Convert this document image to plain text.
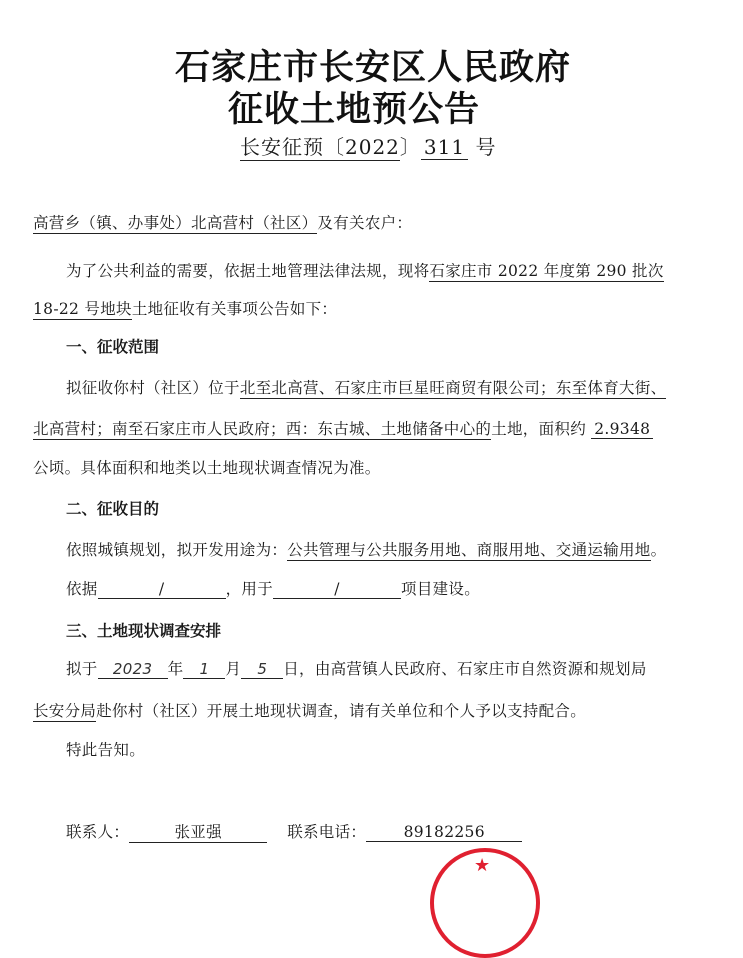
石家庄市长安区人民政府
征收土地预公告
长安征预〔2022〕 311 号
高营乡（镇、办事处）北高营村（社区）及有关农户：
为了公共利益的需要，依据土地管理法律法规，现将石家庄市 2022 年度第 290 批次
18-22 号地块土地征收有关事项公告如下：
一、征收范围
拟征收你村（社区）位于北至北高营、石家庄市巨星旺商贸有限公司；东至体育大街、
北高营村；南至石家庄市人民政府；西：东古城、土地储备中心的土地，面积约 2.9348
公顷。具体面积和地类以土地现状调查情况为准。
二、征收目的
依照城镇规划，拟开发用途为：公共管理与公共服务用地、商服用地、交通运输用地。
依据	/	，用于	/	项目建设。
三、土地现状调查安排
拟于 2023 年 1 月 5 日，由高营镇人民政府、石家庄市自然资源和规划局
长安分局赴你村（社区）开展土地现状调查，请有关单位和个人予以支持配合。
特此告知。
联系人：	张亚强	联系电话： 89182256
★
